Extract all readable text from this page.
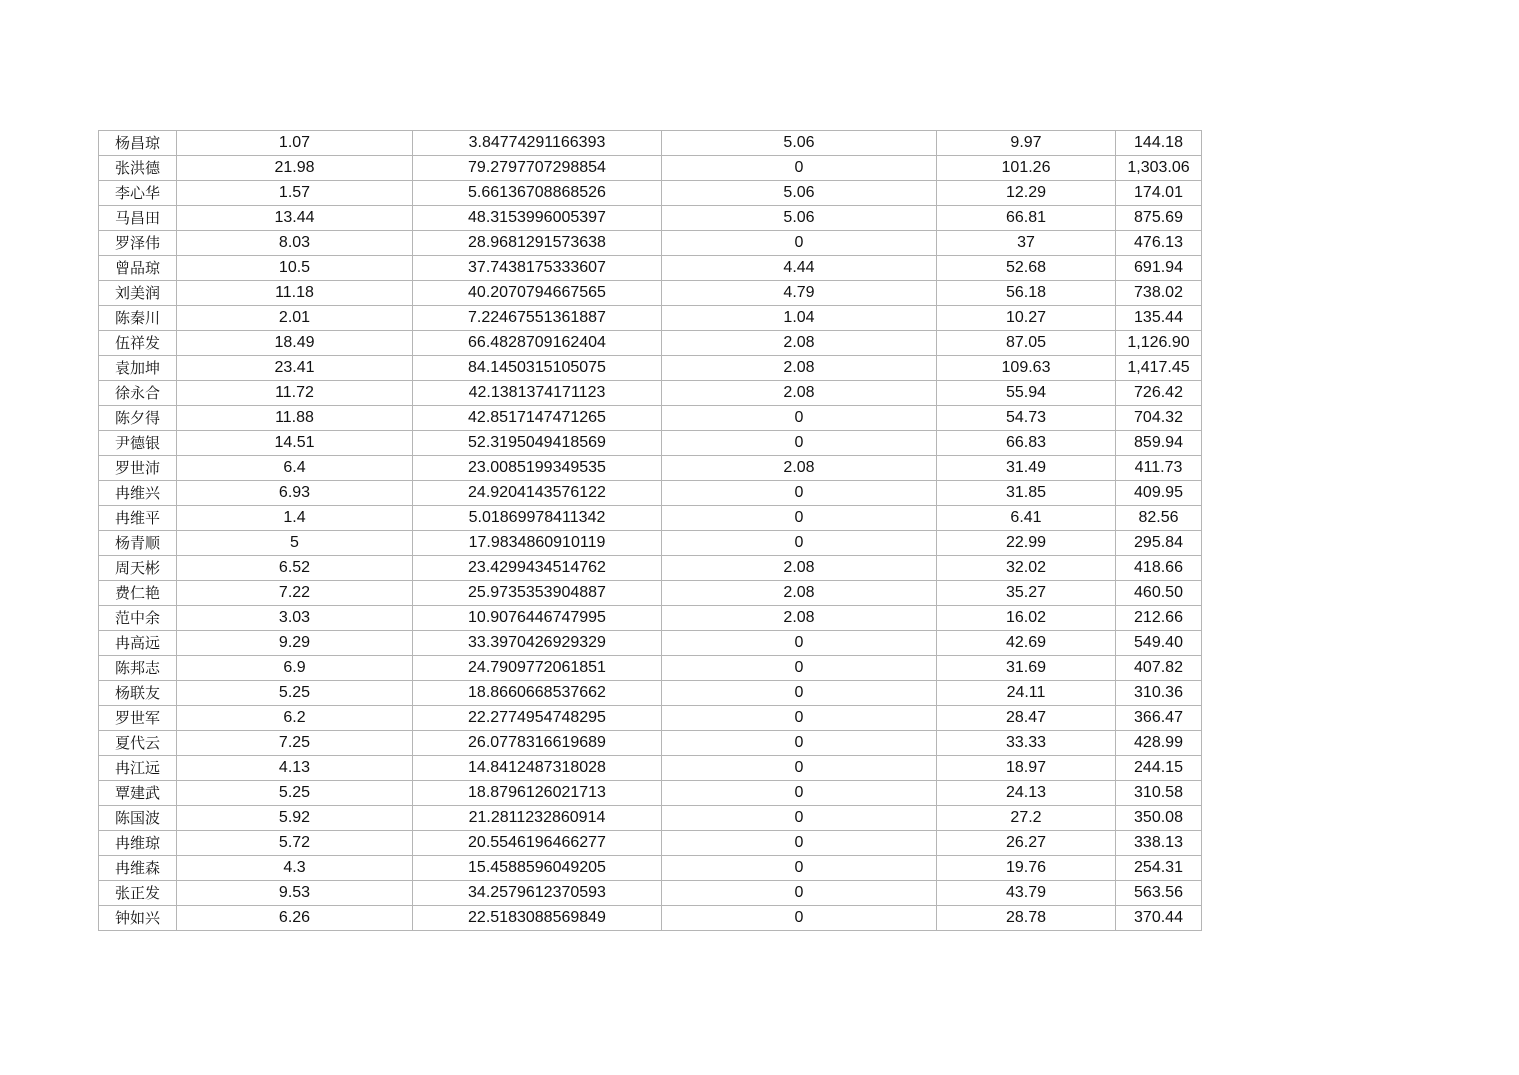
杨昌琼	1.07	3.84774291166393	5.06	9.97	144.18
张洪德	21.98	79.2797707298854	0	101.26	1,303.06
李心华	1.57	5.66136708868526	5.06	12.29	174.01
马昌田	13.44	48.3153996005397	5.06	66.81	875.69
罗泽伟	8.03	28.9681291573638	0	37	476.13
曾品琼	10.5	37.7438175333607	4.44	52.68	691.94
刘美润	11.18	40.2070794667565	4.79	56.18	738.02
陈秦川	2.01	7.22467551361887	1.04	10.27	135.44
伍祥发	18.49	66.4828709162404	2.08	87.05	1,126.90
袁加坤	23.41	84.1450315105075	2.08	109.63	1,417.45
徐永合	11.72	42.1381374171123	2.08	55.94	726.42
陈夕得	11.88	42.8517147471265	0	54.73	704.32
尹德银	14.51	52.3195049418569	0	66.83	859.94
罗世沛	6.4	23.0085199349535	2.08	31.49	411.73
冉维兴	6.93	24.9204143576122	0	31.85	409.95
冉维平	1.4	5.01869978411342	0	6.41	82.56
杨青顺	5	17.9834860910119	0	22.99	295.84
周天彬	6.52	23.4299434514762	2.08	32.02	418.66
费仁艳	7.22	25.9735353904887	2.08	35.27	460.50
范中余	3.03	10.9076446747995	2.08	16.02	212.66
冉高远	9.29	33.3970426929329	0	42.69	549.40
陈邦志	6.9	24.7909772061851	0	31.69	407.82
杨联友	5.25	18.8660668537662	0	24.11	310.36
罗世军	6.2	22.2774954748295	0	28.47	366.47
夏代云	7.25	26.0778316619689	0	33.33	428.99
冉江远	4.13	14.8412487318028	0	18.97	244.15
覃建武	5.25	18.8796126021713	0	24.13	310.58
陈国波	5.92	21.2811232860914	0	27.2	350.08
冉维琼	5.72	20.5546196466277	0	26.27	338.13
冉维森	4.3	15.4588596049205	0	19.76	254.31
张正发	9.53	34.2579612370593	0	43.79	563.56
钟如兴	6.26	22.5183088569849	0	28.78	370.44
